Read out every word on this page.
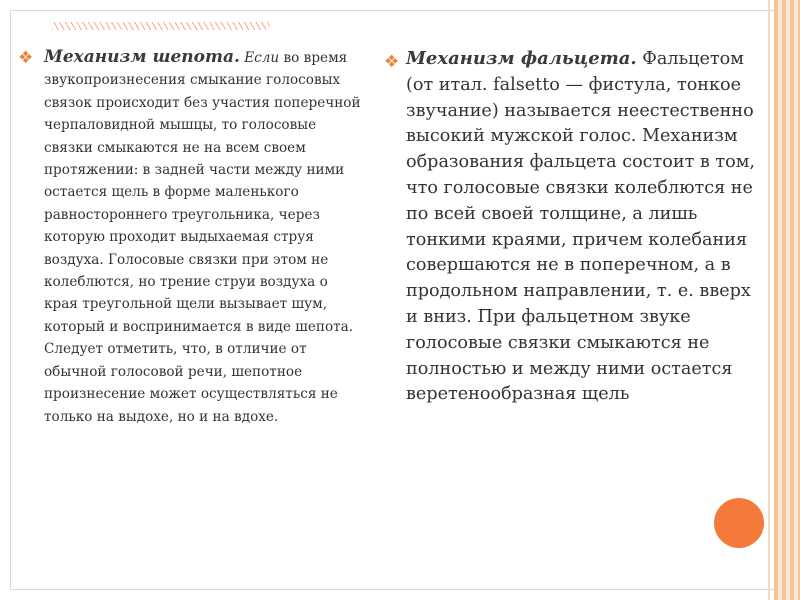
❖ Механизм шепота. Если во время звукопроизнесения смыкание голосовых связок происходит без участия поперечной черпаловидной мышцы, то голосовые связки смыкаются не на всем своем протяжении: в задней части между ними остается щель в форме маленького равностороннего треугольника, через которую проходит выдыхаемая струя воздуха. Голосовые связки при этом не колеблются, но трение струи воздуха о края треугольной щели вызывает шум, который и воспринимается в виде шепота. Следует отметить, что, в отличие от обычной голосовой речи, шепотное произнесение может осуществляться не только на выдохе, но и на вдохе.
❖ Механизм фальцета. Фальцетом (от итал. falsetto — фистула, тонкое звучание) называется неестественно высокий мужской голос. Механизм образования фальцета состоит в том, что голосовые связки колеблются не по всей своей толщине, а лишь тонкими краями, причем колебания совершаются не в поперечном, а в продольном направлении, т. е. вверх и вниз. При фальцетном звуке голосовые связки смыкаются не полностью и между ними остается веретенообразная щель
